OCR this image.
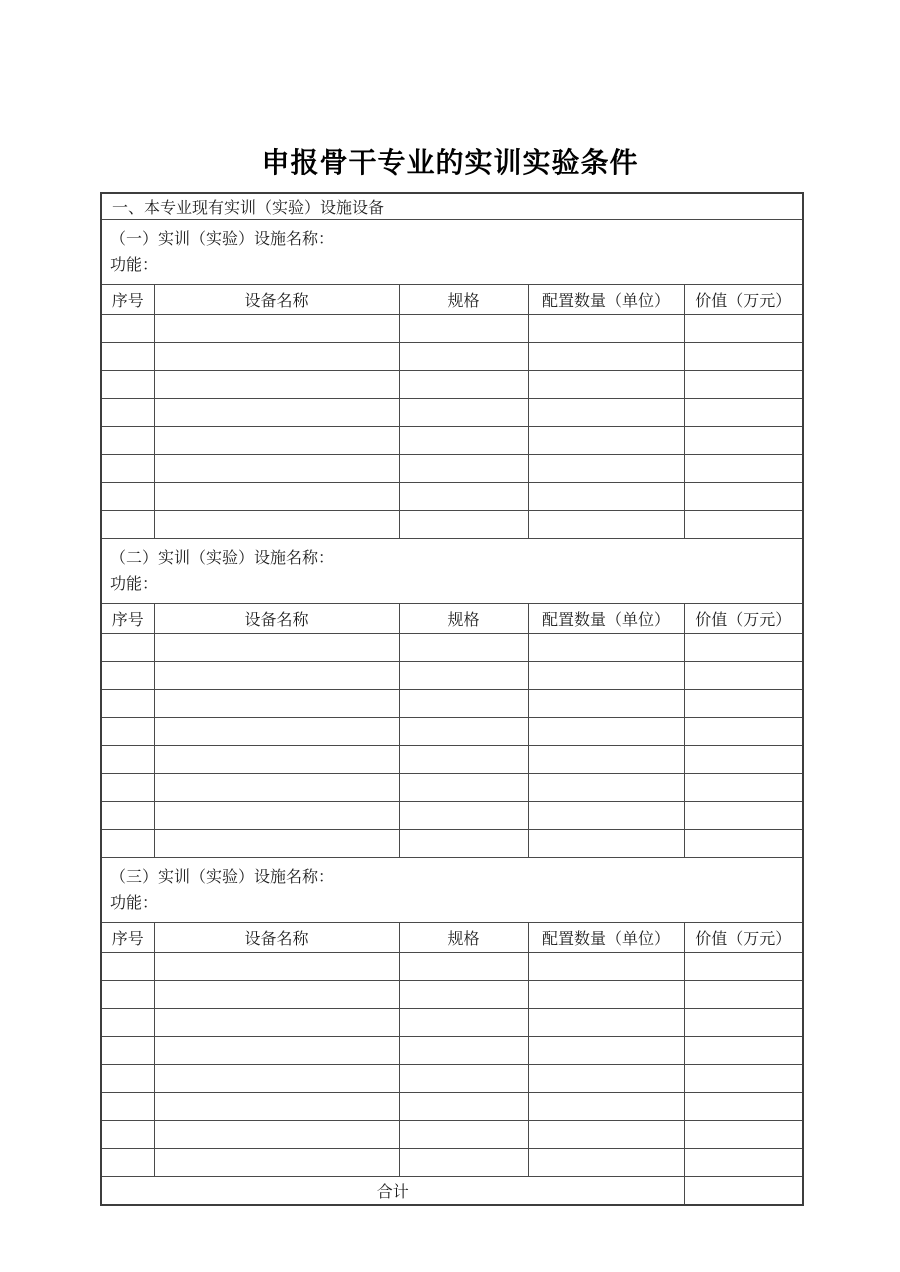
申报骨干专业的实训实验条件
一、本专业现有实训（实验）设施设备				

（一）实训（实验）设施名称：
功能：				

序号	设备名称	规格	配置数量（单位）	价值（万元）

（二）实训（实验）设施名称：
功能：				

序号	设备名称	规格	配置数量（单位）	价值（万元）

（三）实训（实验）设施名称：
功能：				

序号	设备名称	规格	配置数量（单位）	价值（万元）

合计				
